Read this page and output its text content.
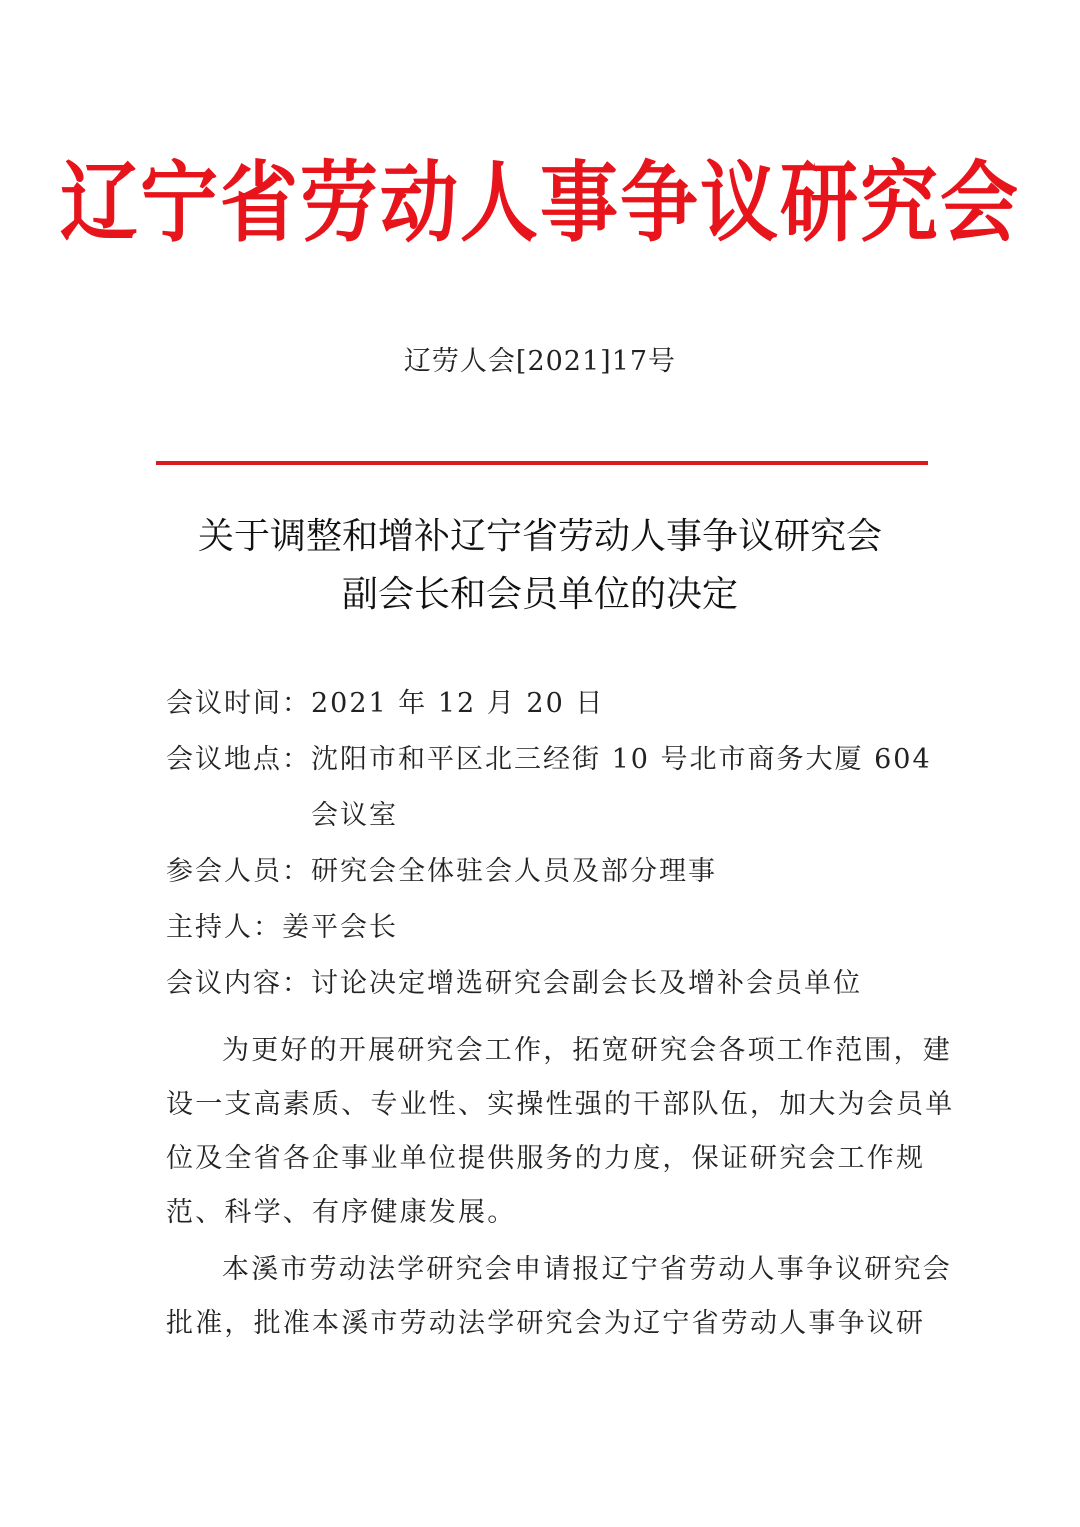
辽宁省劳动人事争议研究会
辽劳人会[2021]17号
关于调整和增补辽宁省劳动人事争议研究会
副会长和会员单位的决定
会议时间： 2021 年 12 月 20 日
会议地点： 沈阳市和平区北三经街 10 号北市商务大厦 604 会议室
参会人员： 研究会全体驻会人员及部分理事
主持人： 姜平会长
会议内容： 讨论决定增选研究会副会长及增补会员单位

为更好的开展研究会工作，拓宽研究会各项工作范围，建设一支高素质、专业性、实操性强的干部队伍，加大为会员单位及全省各企事业单位提供服务的力度，保证研究会工作规范、科学、有序健康发展。

本溪市劳动法学研究会申请报辽宁省劳动人事争议研究会批准，批准本溪市劳动法学研究会为辽宁省劳动人事争议研
